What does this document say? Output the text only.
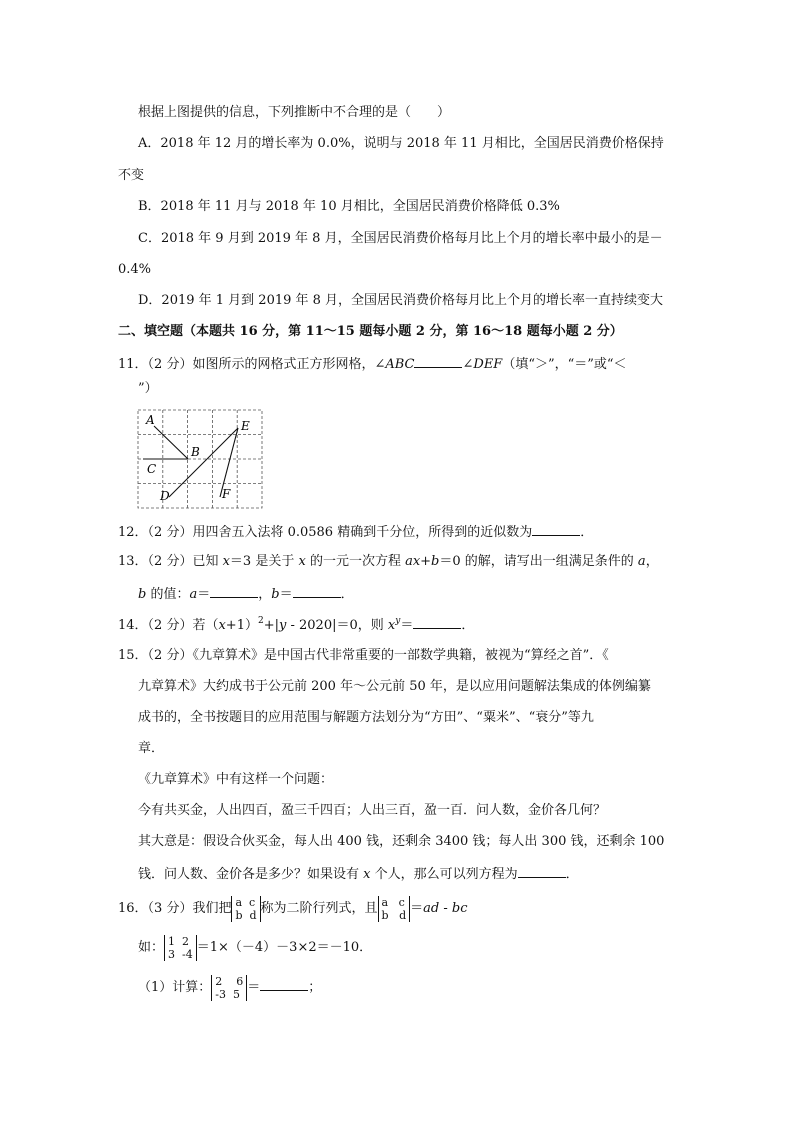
根据上图提供的信息，下列推断中不合理的是（　　）
A．2018 年 12 月的增长率为 0.0%，说明与 2018 年 11 月相比，全国居民消费价格保持
不变
B．2018 年 11 月与 2018 年 10 月相比，全国居民消费价格降低 0.3%
C．2018 年 9 月到 2019 年 8 月，全国居民消费价格每月比上个月的增长率中最小的是－
0.4%
D．2019 年 1 月到 2019 年 8 月，全国居民消费价格每月比上个月的增长率一直持续变大
二、填空题（本题共 16 分，第 11～15 题每小题 2 分，第 16～18 题每小题 2 分）
11．（2 分）如图所示的网格式正方形网格，∠ABC	∠DEF（填“＞”，“＝”或“＜
”）
A
B
C
D
E
F
12．（2 分）用四舍五入法将 0.0586 精确到千分位，所得到的近似数为	．
13．（2 分）已知 x＝3 是关于 x 的一元一次方程 ax+b＝0 的解，请写出一组满足条件的 a，
b 的值：a＝	，b＝	．
14．（2 分）若$(x+1)^2+|y - 2020|=0$，则 $x^y=$	．
15．（2 分）《九章算术》是中国古代非常重要的一部数学典籍，被视为“算经之首”．《
九章算术》大约成书于公元前 200 年～公元前 50 年，是以应用问题解法集成的体例编纂
成书的，全书按题目的应用范围与解题方法划分为“方田”、“粟米”、“衰分”等九
章．
《九章算术》中有这样一个问题：
今有共买金，人出四百，盈三千四百；人出三百，盈一百．问人数，金价各几何？
其大意是：假设合伙买金，每人出 400 钱，还剩余 3400 钱；每人出 300 钱，还剩余 100
钱．问人数、金价各是多少？如果设有 x 个人，那么可以列方程为	．
16．（3 分）我们把 a  c
b  d 称为二阶行列式，且 a   c
b   d ＝ad - bc
如： 1  2
3  -4 ＝1×（－4）－3×2＝－10．
（1）计算： 2    6
-3  5 ＝	；
